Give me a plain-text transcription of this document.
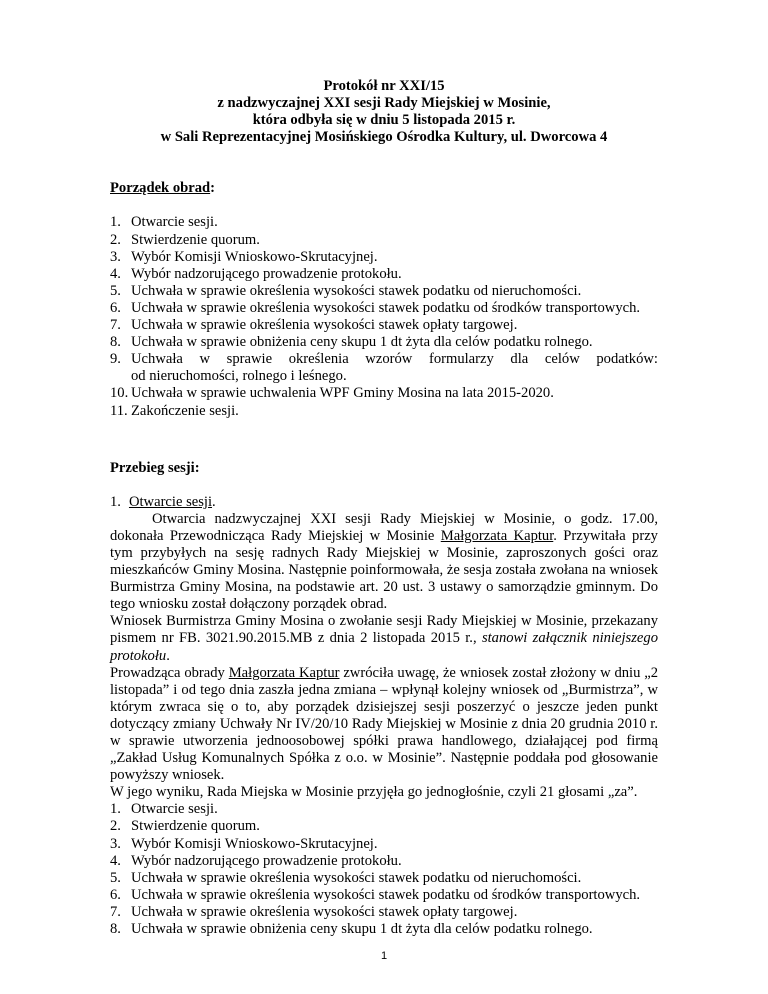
Protokół nr XXI/15
z nadzwyczajnej XXI sesji Rady Miejskiej w Mosinie,
która odbyła się w dniu 5 listopada 2015 r.
w Sali Reprezentacyjnej Mosińskiego Ośrodka Kultury, ul. Dworcowa 4
Porządek obrad:
1. Otwarcie sesji.
2. Stwierdzenie quorum.
3. Wybór Komisji Wnioskowo-Skrutacyjnej.
4. Wybór nadzorującego prowadzenie protokołu.
5. Uchwała w sprawie określenia wysokości stawek podatku od nieruchomości.
6. Uchwała w sprawie określenia wysokości stawek podatku od środków transportowych.
7. Uchwała w sprawie określenia wysokości stawek opłaty targowej.
8. Uchwała w sprawie obniżenia ceny skupu 1 dt żyta dla celów podatku rolnego.
9. Uchwała w sprawie określenia wzorów formularzy dla celów podatków:
od nieruchomości, rolnego i leśnego.
10. Uchwała w sprawie uchwalenia WPF Gminy Mosina na lata 2015-2020.
11. Zakończenie sesji.
Przebieg sesji:
1. Otwarcie sesji.
Otwarcia nadzwyczajnej XXI sesji Rady Miejskiej w Mosinie, o godz. 17.00, dokonała Przewodnicząca Rady Miejskiej w Mosinie Małgorzata Kaptur. Przywitała przy tym przybyłych na sesję radnych Rady Miejskiej w Mosinie, zaproszonych gości oraz mieszkańców Gminy Mosina. Następnie poinformowała, że sesja została zwołana na wniosek Burmistrza Gminy Mosina, na podstawie art. 20 ust. 3 ustawy o samorządzie gminnym. Do tego wniosku został dołączony porządek obrad.
Wniosek Burmistrza Gminy Mosina o zwołanie sesji Rady Miejskiej w Mosinie, przekazany pismem nr FB. 3021.90.2015.MB z dnia 2 listopada 2015 r., stanowi załącznik niniejszego protokołu.
Prowadząca obrady Małgorzata Kaptur zwróciła uwagę, że wniosek został złożony w dniu „2 listopada” i od tego dnia zaszła jedna zmiana – wpłynął kolejny wniosek od „Burmistrza”, w którym zwraca się o to, aby porządek dzisiejszej sesji poszerzyć o jeszcze jeden punkt dotyczący zmiany Uchwały Nr IV/20/10 Rady Miejskiej w Mosinie z dnia 20 grudnia 2010 r. w sprawie utworzenia jednoosobowej spółki prawa handlowego, działającej pod firmą „Zakład Usług Komunalnych Spółka z o.o. w Mosinie”. Następnie poddała pod głosowanie powyższy wniosek.
W jego wyniku, Rada Miejska w Mosinie przyjęła go jednogłośnie, czyli 21 głosami „za”.
1. Otwarcie sesji.
2. Stwierdzenie quorum.
3. Wybór Komisji Wnioskowo-Skrutacyjnej.
4. Wybór nadzorującego prowadzenie protokołu.
5. Uchwała w sprawie określenia wysokości stawek podatku od nieruchomości.
6. Uchwała w sprawie określenia wysokości stawek podatku od środków transportowych.
7. Uchwała w sprawie określenia wysokości stawek opłaty targowej.
8. Uchwała w sprawie obniżenia ceny skupu 1 dt żyta dla celów podatku rolnego.
1
